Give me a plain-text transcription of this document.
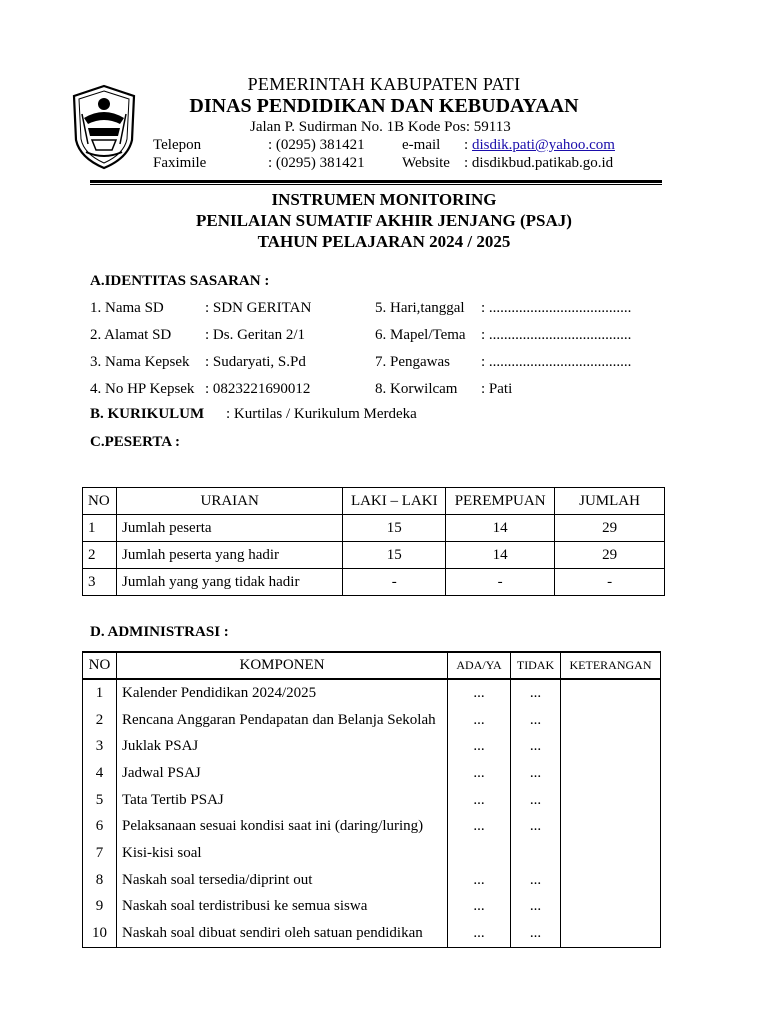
PEMERINTAH KABUPATEN PATI
DINAS PENDIDIKAN DAN KEBUDAYAAN
Jalan P. Sudirman No. 1B Kode Pos: 59113
Telepon	: (0295) 381421
Faximile	: (0295) 381421
e-mail : disdik.pati@yahoo.com
Website : disdikbud.patikab.go.id
INSTRUMEN MONITORING
PENILAIAN SUMATIF AKHIR JENJANG (PSAJ)
TAHUN PELAJARAN 2024 / 2025
A.IDENTITAS SASARAN :
1. Nama SD	: SDN GERITAN
2. Alamat SD : Ds. Geritan 2/1
3. Nama Kepsek : Sudaryati, S.Pd
4. No HP Kepsek : 0823221690012
5. Hari,tanggal : ......................................
6. Mapel/Tema : ......................................
7. Pengawas : ......................................
8. Korwilcam : Pati
B. KURIKULUM : Kurtilas / Kurikulum Merdeka
C.PESERTA :
NO	URAIAN	LAKI – LAKI	PEREMPUAN	JUMLAH
1	Jumlah peserta	15	14	29
2	Jumlah peserta yang hadir	15	14	29
3	Jumlah yang yang tidak hadir	-	-	-
D. ADMINISTRASI :
NO	KOMPONEN	ADA/YA	TIDAK	KETERANGAN
1	Kalender Pendidikan 2024/2025	...	...	
2	Rencana Anggaran Pendapatan dan Belanja Sekolah	...	...	
3	Juklak PSAJ	...	...	
4	Jadwal PSAJ	...	...	
5	Tata Tertib PSAJ	...	...	
6	Pelaksanaan sesuai kondisi saat ini (daring/luring)	...	...	
7	Kisi-kisi soal			
8	Naskah soal tersedia/diprint out	...	...	
9	Naskah soal terdistribusi ke semua siswa	...	...	
10	Naskah soal dibuat sendiri oleh satuan pendidikan	...	...	
